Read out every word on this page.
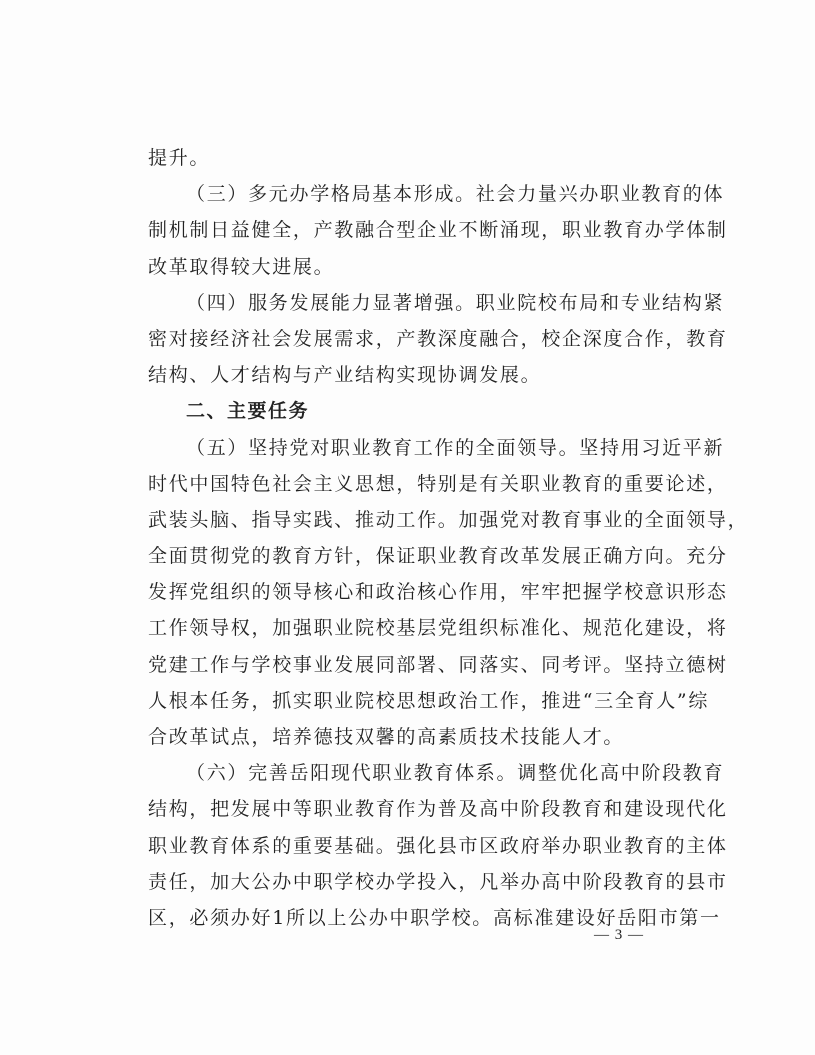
提升。
（三）多元办学格局基本形成。社会力量兴办职业教育的体
制机制日益健全，产教融合型企业不断涌现，职业教育办学体制
改革取得较大进展。
（四）服务发展能力显著增强。职业院校布局和专业结构紧
密对接经济社会发展需求，产教深度融合，校企深度合作，教育
结构、人才结构与产业结构实现协调发展。
二、主要任务
（五）坚持党对职业教育工作的全面领导。坚持用习近平新
时代中国特色社会主义思想，特别是有关职业教育的重要论述，
武装头脑、指导实践、推动工作。加强党对教育事业的全面领导，
全面贯彻党的教育方针，保证职业教育改革发展正确方向。充分
发挥党组织的领导核心和政治核心作用，牢牢把握学校意识形态
工作领导权，加强职业院校基层党组织标准化、规范化建设，将
党建工作与学校事业发展同部署、同落实、同考评。坚持立德树
人根本任务，抓实职业院校思想政治工作，推进“三全育人”综
合改革试点，培养德技双馨的高素质技术技能人才。
（六）完善岳阳现代职业教育体系。调整优化高中阶段教育
结构，把发展中等职业教育作为普及高中阶段教育和建设现代化
职业教育体系的重要基础。强化县市区政府举办职业教育的主体
责任，加大公办中职学校办学投入，凡举办高中阶段教育的县市
区，必须办好1所以上公办中职学校。高标准建设好岳阳市第一
— 3 —
